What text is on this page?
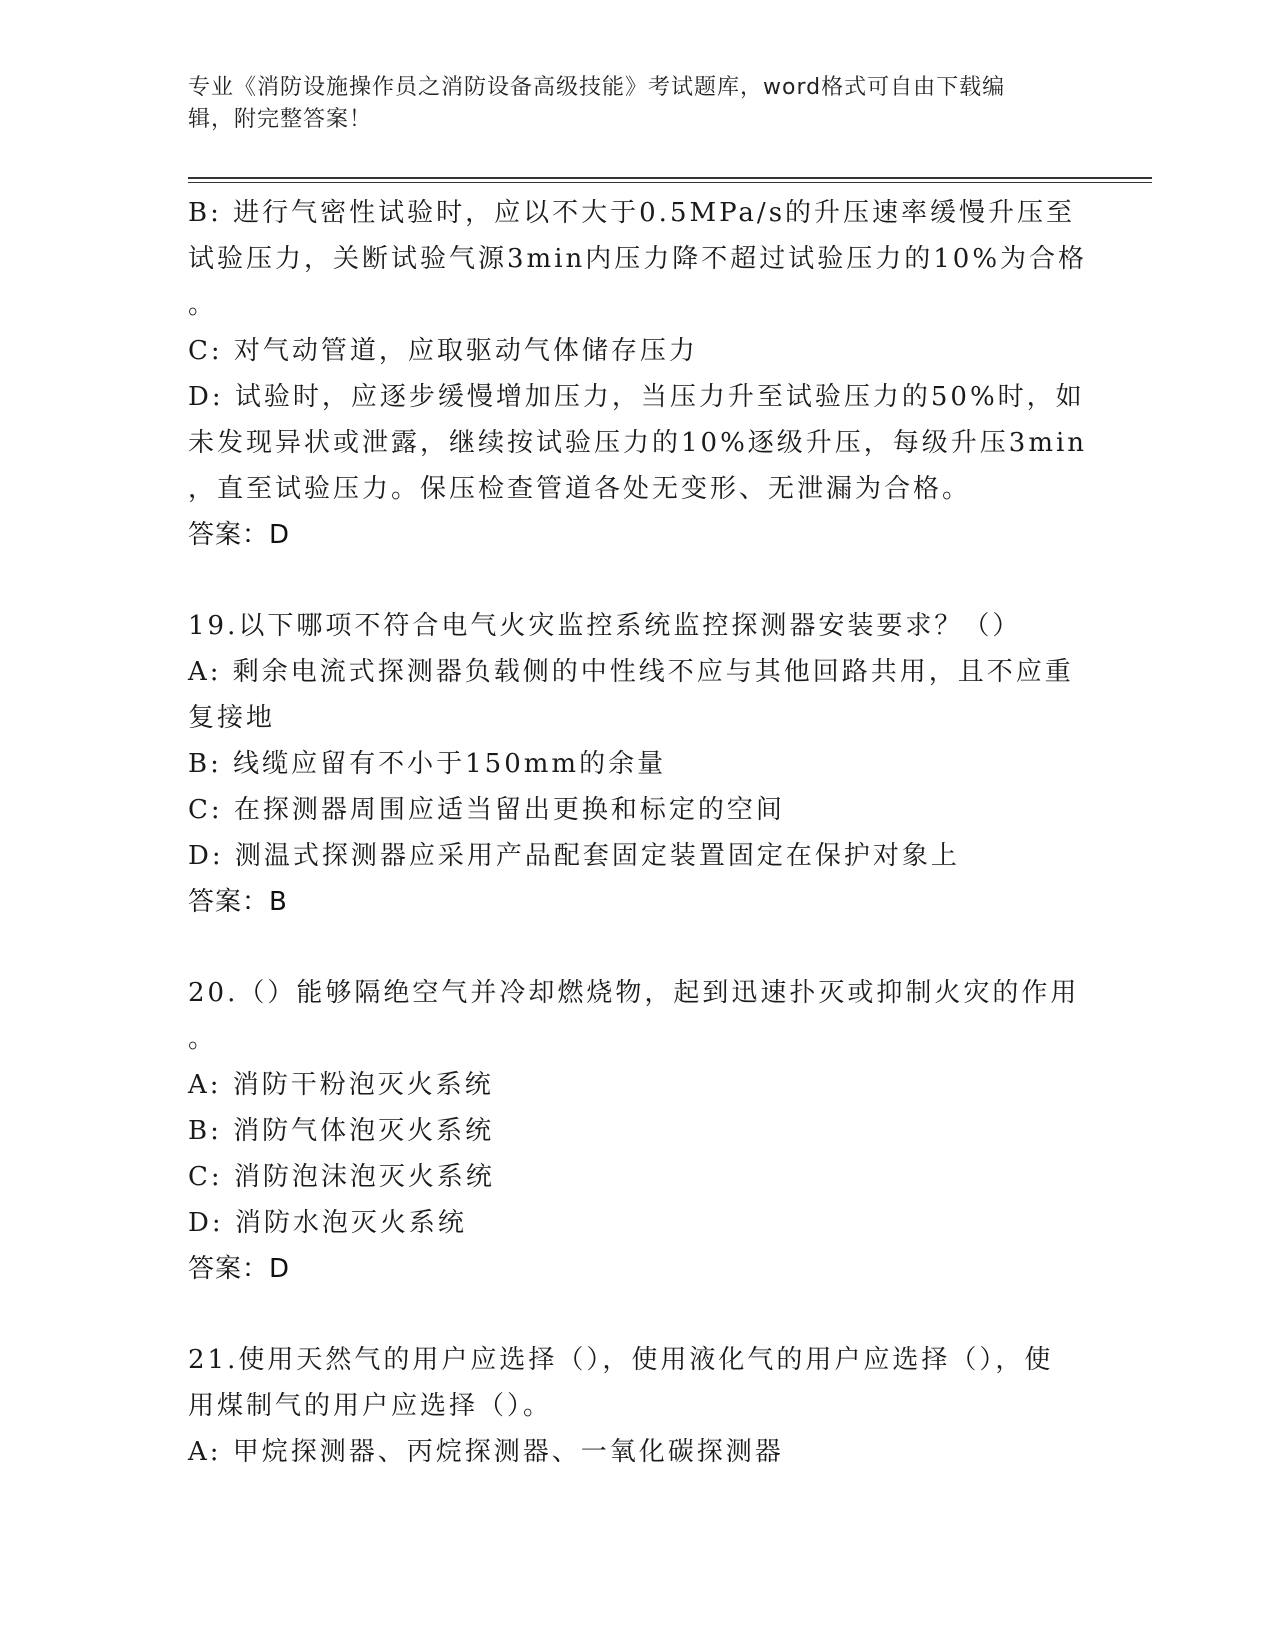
专业《消防设施操作员之消防设备高级技能》考试题库，word格式可自由下载编
辑，附完整答案！
B: 进行气密性试验时，应以不大于0.5MPa/s的升压速率缓慢升压至
试验压力，关断试验气源3min内压力降不超过试验压力的10%为合格
。
C: 对气动管道，应取驱动气体储存压力
D: 试验时，应逐步缓慢增加压力，当压力升至试验压力的50%时，如
未发现异状或泄露，继续按试验压力的10%逐级升压，每级升压3min
，直至试验压力。保压检查管道各处无变形、无泄漏为合格。
答案：D
19.以下哪项不符合电气火灾监控系统监控探测器安装要求？（）
A: 剩余电流式探测器负载侧的中性线不应与其他回路共用，且不应重
复接地
B: 线缆应留有不小于150mm的余量
C: 在探测器周围应适当留出更换和标定的空间
D: 测温式探测器应采用产品配套固定装置固定在保护对象上
答案：B
20.（）能够隔绝空气并冷却燃烧物，起到迅速扑灭或抑制火灾的作用
。
A: 消防干粉泡灭火系统
B: 消防气体泡灭火系统
C: 消防泡沫泡灭火系统
D: 消防水泡灭火系统
答案：D
21.使用天然气的用户应选择（），使用液化气的用户应选择（），使
用煤制气的用户应选择（）。
A: 甲烷探测器、丙烷探测器、一氧化碳探测器
